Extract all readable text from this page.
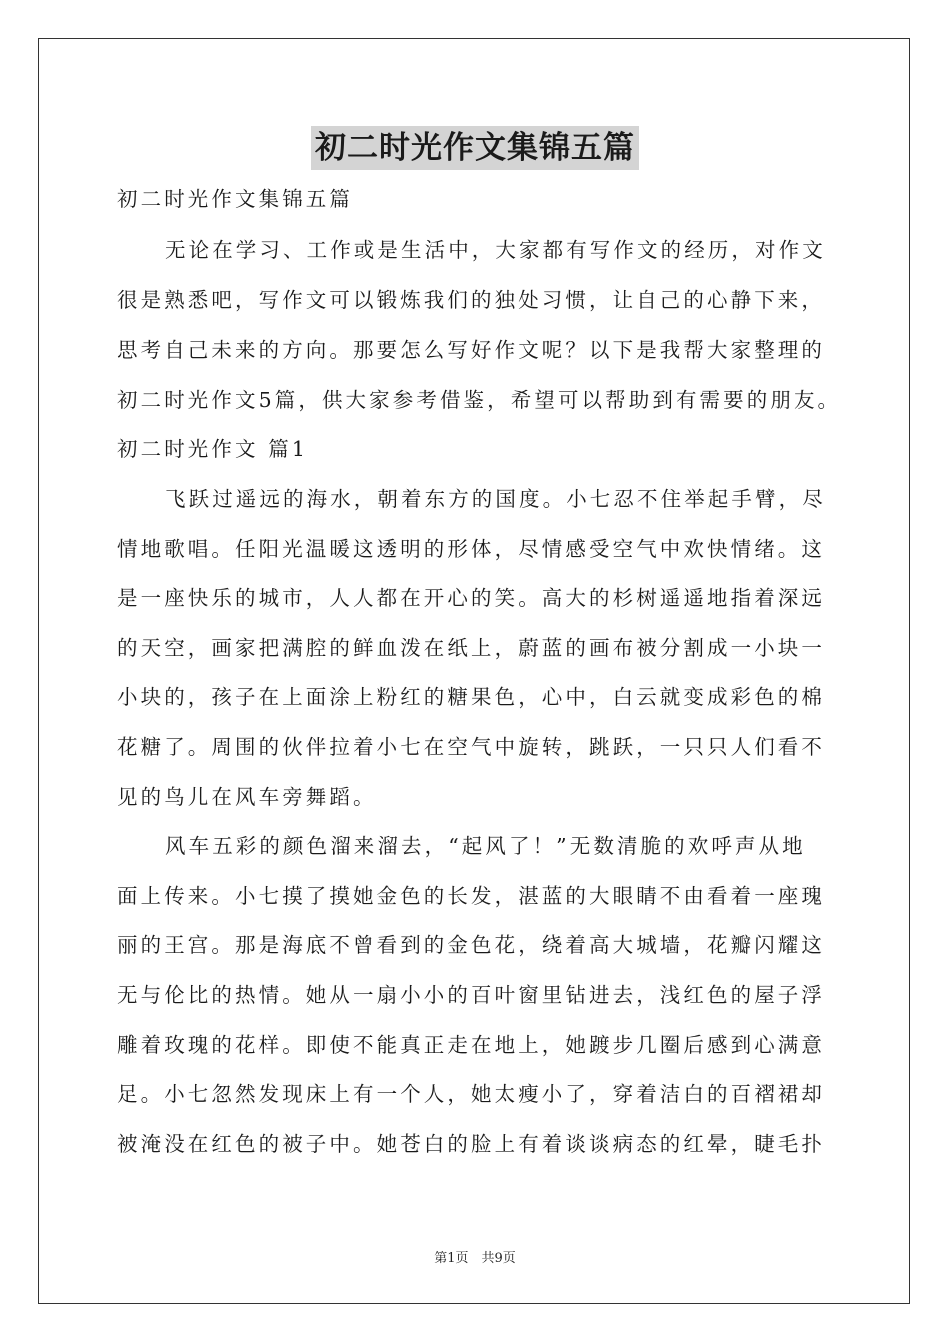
初二时光作文集锦五篇
初二时光作文集锦五篇
无论在学习、工作或是生活中，大家都有写作文的经历，对作文
很是熟悉吧，写作文可以锻炼我们的独处习惯，让自己的心静下来，
思考自己未来的方向。那要怎么写好作文呢？以下是我帮大家整理的
初二时光作文5篇，供大家参考借鉴，希望可以帮助到有需要的朋友。
初二时光作文 篇1
飞跃过遥远的海水，朝着东方的国度。小七忍不住举起手臂，尽
情地歌唱。任阳光温暖这透明的形体，尽情感受空气中欢快情绪。这
是一座快乐的城市，人人都在开心的笑。高大的杉树遥遥地指着深远
的天空，画家把满腔的鲜血泼在纸上，蔚蓝的画布被分割成一小块一
小块的，孩子在上面涂上粉红的糖果色，心中，白云就变成彩色的棉
花糖了。周围的伙伴拉着小七在空气中旋转，跳跃，一只只人们看不
见的鸟儿在风车旁舞蹈。
风车五彩的颜色溜来溜去，“起风了！”无数清脆的欢呼声从地
面上传来。小七摸了摸她金色的长发，湛蓝的大眼睛不由看着一座瑰
丽的王宫。那是海底不曾看到的金色花，绕着高大城墙，花瓣闪耀这
无与伦比的热情。她从一扇小小的百叶窗里钻进去，浅红色的屋子浮
雕着玫瑰的花样。即使不能真正走在地上，她踱步几圈后感到心满意
足。小七忽然发现床上有一个人，她太瘦小了，穿着洁白的百褶裙却
被淹没在红色的被子中。她苍白的脸上有着谈谈病态的红晕，睫毛扑
第1页　共9页
